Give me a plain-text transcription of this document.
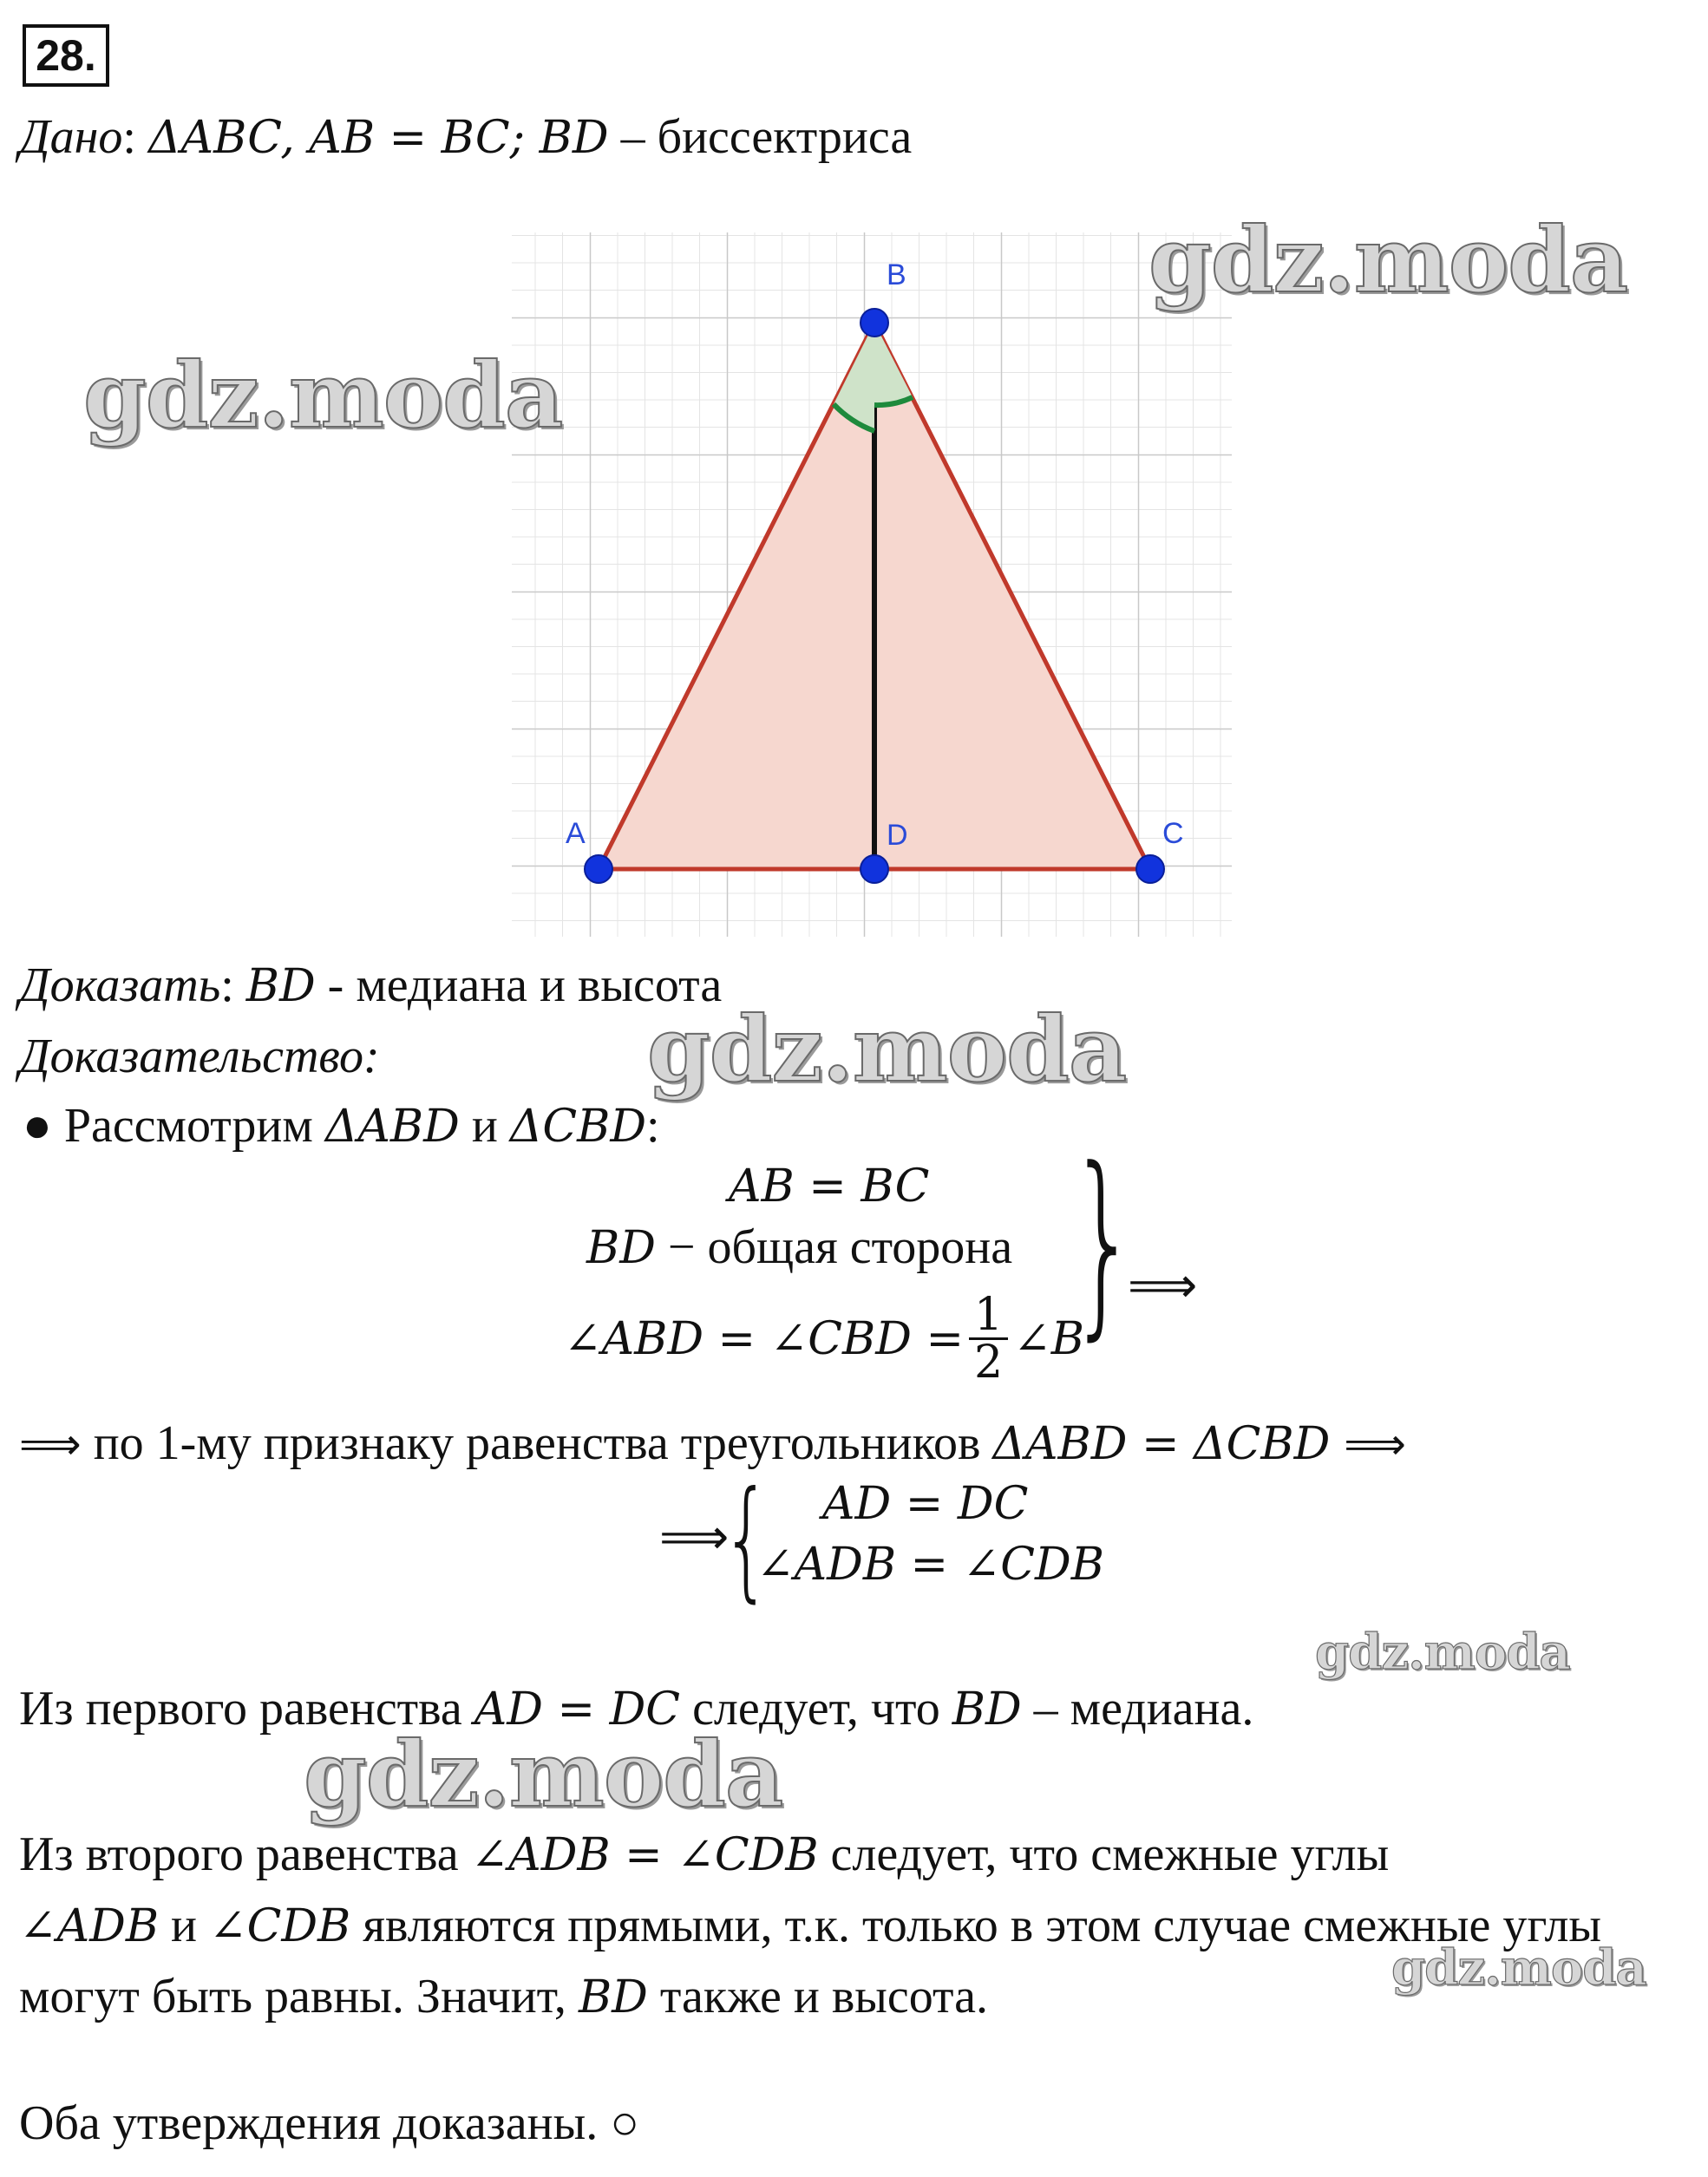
28.
Дано: ΔABC, AB = BC; BD – биссектриса
B
A	D	C
Доказать: BD - медиана и высота
Доказательство:
● Рассмотрим ΔABD и ΔCBD:
AB = BC
BD − общая сторона
∠ABD = ∠CBD = $\frac{1}{2}$ ∠B
}
⟹
⟹ по 1-му признаку равенства треугольников ΔABD = ΔCBD ⟹
⟹
{ AD = DC
∠ADB = ∠CDB
Из первого равенства AD = DC следует, что BD – медиана.
Из второго равенства ∠ADB = ∠CDB следует, что смежные углы
∠ADB и ∠CDB являются прямыми, т.к. только в этом случае смежные углы
могут быть равны. Значит, BD также и высота.
Оба утверждения доказаны. ○
gdz.moda
gdz.moda
gdz.moda
gdz.moda
gdz.moda
gdz.moda
